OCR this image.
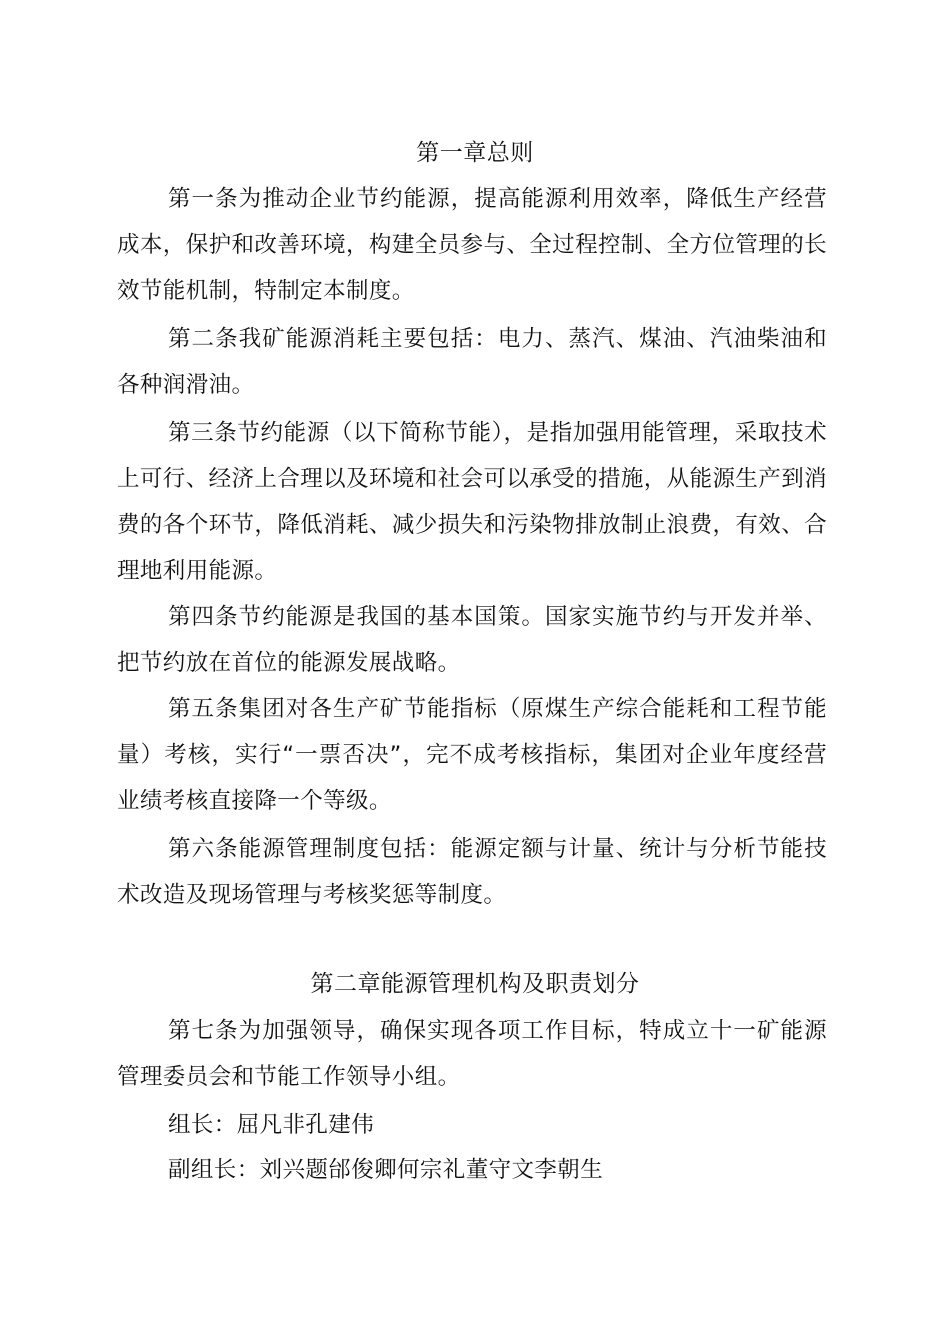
第一章总则

第一条为推动企业节约能源，提高能源利用效率，降低生产经营成本，保护和改善环境，构建全员参与、全过程控制、全方位管理的长效节能机制，特制定本制度。

第二条我矿能源消耗主要包括：电力、蒸汽、煤油、汽油柴油和各种润滑油。

第三条节约能源（以下简称节能），是指加强用能管理，采取技术上可行、经济上合理以及环境和社会可以承受的措施，从能源生产到消费的各个环节，降低消耗、减少损失和污染物排放制止浪费，有效、合理地利用能源。

第四条节约能源是我国的基本国策。国家实施节约与开发并举、把节约放在首位的能源发展战略。

第五条集团对各生产矿节能指标（原煤生产综合能耗和工程节能量）考核，实行“一票否决”，完不成考核指标，集团对企业年度经营业绩考核直接降一个等级。

第六条能源管理制度包括：能源定额与计量、统计与分析节能技术改造及现场管理与考核奖惩等制度。

第二章能源管理机构及职责划分

第七条为加强领导，确保实现各项工作目标，特成立十一矿能源管理委员会和节能工作领导小组。

组长：屈凡非孔建伟
副组长：刘兴题邰俊卿何宗礼董守文李朝生
